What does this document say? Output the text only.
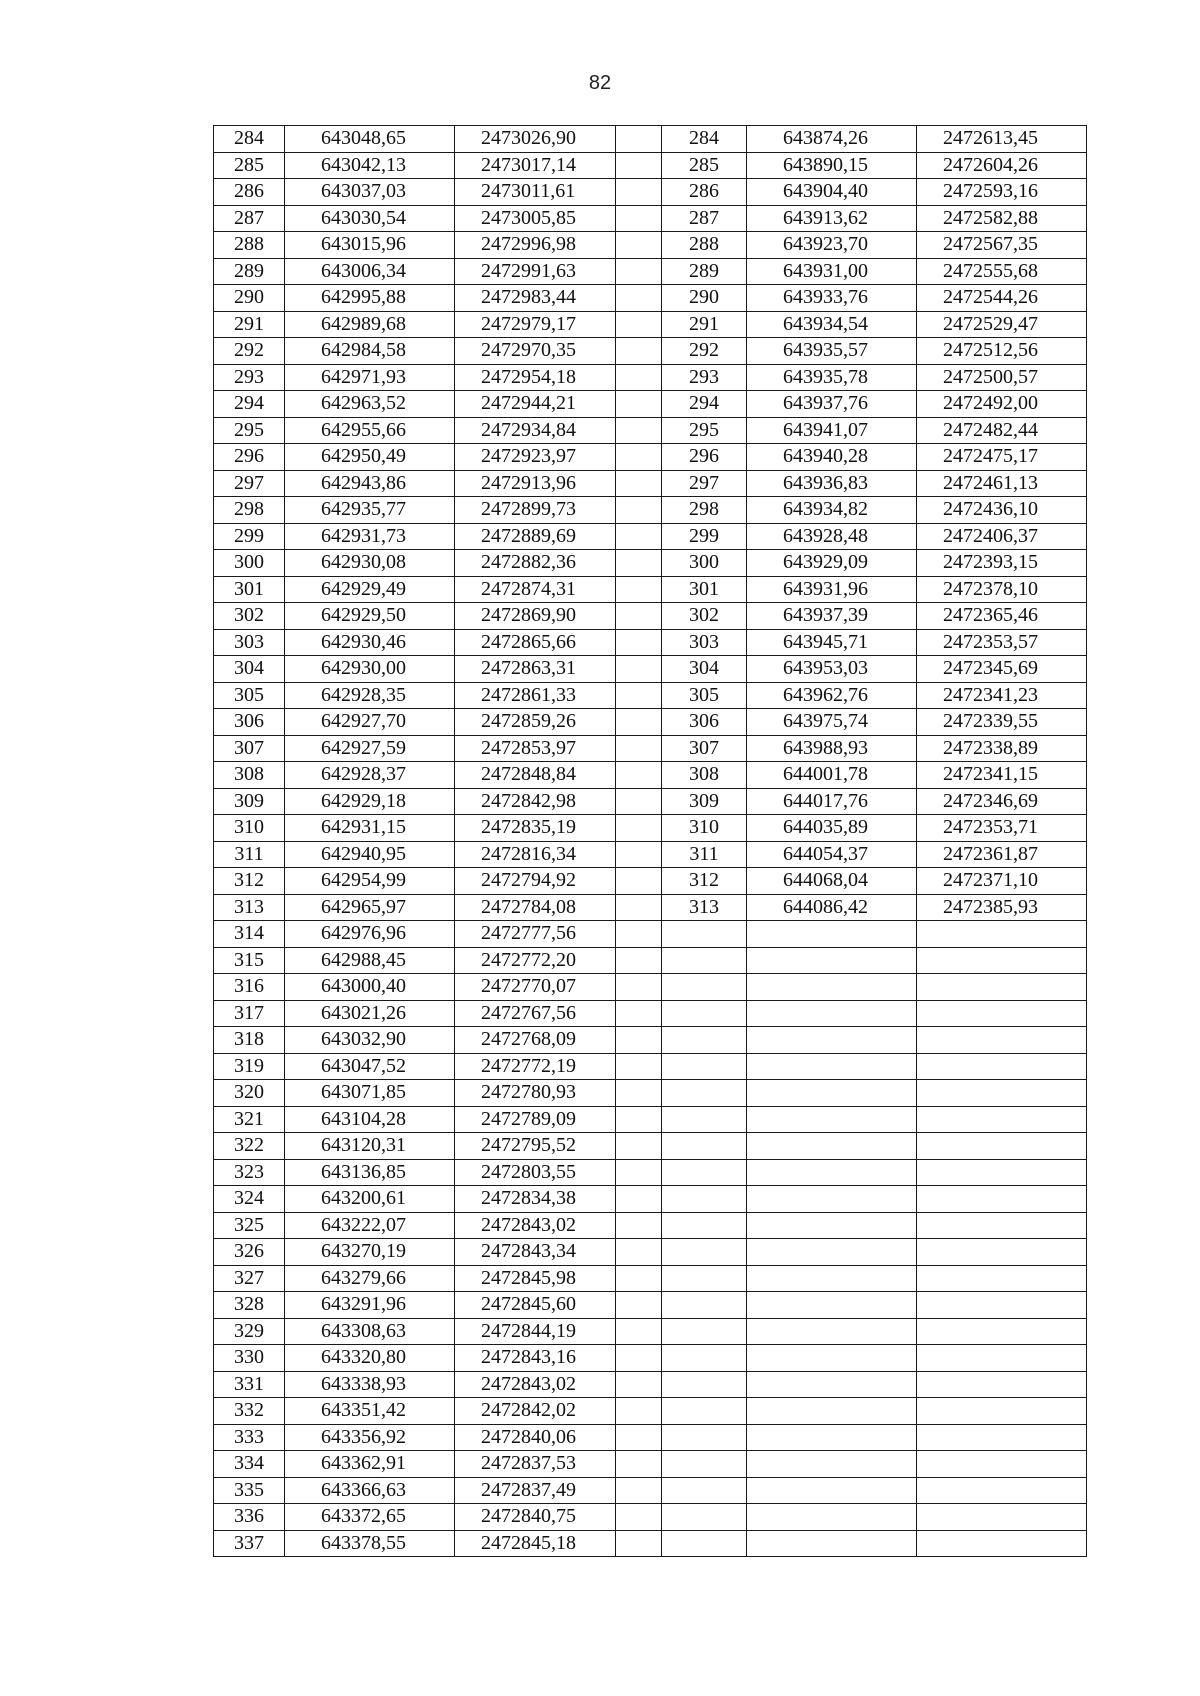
82
284	643048,65	2473026,90		284	643874,26	2472613,45
285	643042,13	2473017,14		285	643890,15	2472604,26
286	643037,03	2473011,61		286	643904,40	2472593,16
287	643030,54	2473005,85		287	643913,62	2472582,88
288	643015,96	2472996,98		288	643923,70	2472567,35
289	643006,34	2472991,63		289	643931,00	2472555,68
290	642995,88	2472983,44		290	643933,76	2472544,26
291	642989,68	2472979,17		291	643934,54	2472529,47
292	642984,58	2472970,35		292	643935,57	2472512,56
293	642971,93	2472954,18		293	643935,78	2472500,57
294	642963,52	2472944,21		294	643937,76	2472492,00
295	642955,66	2472934,84		295	643941,07	2472482,44
296	642950,49	2472923,97		296	643940,28	2472475,17
297	642943,86	2472913,96		297	643936,83	2472461,13
298	642935,77	2472899,73		298	643934,82	2472436,10
299	642931,73	2472889,69		299	643928,48	2472406,37
300	642930,08	2472882,36		300	643929,09	2472393,15
301	642929,49	2472874,31		301	643931,96	2472378,10
302	642929,50	2472869,90		302	643937,39	2472365,46
303	642930,46	2472865,66		303	643945,71	2472353,57
304	642930,00	2472863,31		304	643953,03	2472345,69
305	642928,35	2472861,33		305	643962,76	2472341,23
306	642927,70	2472859,26		306	643975,74	2472339,55
307	642927,59	2472853,97		307	643988,93	2472338,89
308	642928,37	2472848,84		308	644001,78	2472341,15
309	642929,18	2472842,98		309	644017,76	2472346,69
310	642931,15	2472835,19		310	644035,89	2472353,71
311	642940,95	2472816,34		311	644054,37	2472361,87
312	642954,99	2472794,92		312	644068,04	2472371,10
313	642965,97	2472784,08		313	644086,42	2472385,93
314	642976,96	2472777,56				
315	642988,45	2472772,20				
316	643000,40	2472770,07				
317	643021,26	2472767,56				
318	643032,90	2472768,09				
319	643047,52	2472772,19				
320	643071,85	2472780,93				
321	643104,28	2472789,09				
322	643120,31	2472795,52				
323	643136,85	2472803,55				
324	643200,61	2472834,38				
325	643222,07	2472843,02				
326	643270,19	2472843,34				
327	643279,66	2472845,98				
328	643291,96	2472845,60				
329	643308,63	2472844,19				
330	643320,80	2472843,16				
331	643338,93	2472843,02				
332	643351,42	2472842,02				
333	643356,92	2472840,06				
334	643362,91	2472837,53				
335	643366,63	2472837,49				
336	643372,65	2472840,75				
337	643378,55	2472845,18				
